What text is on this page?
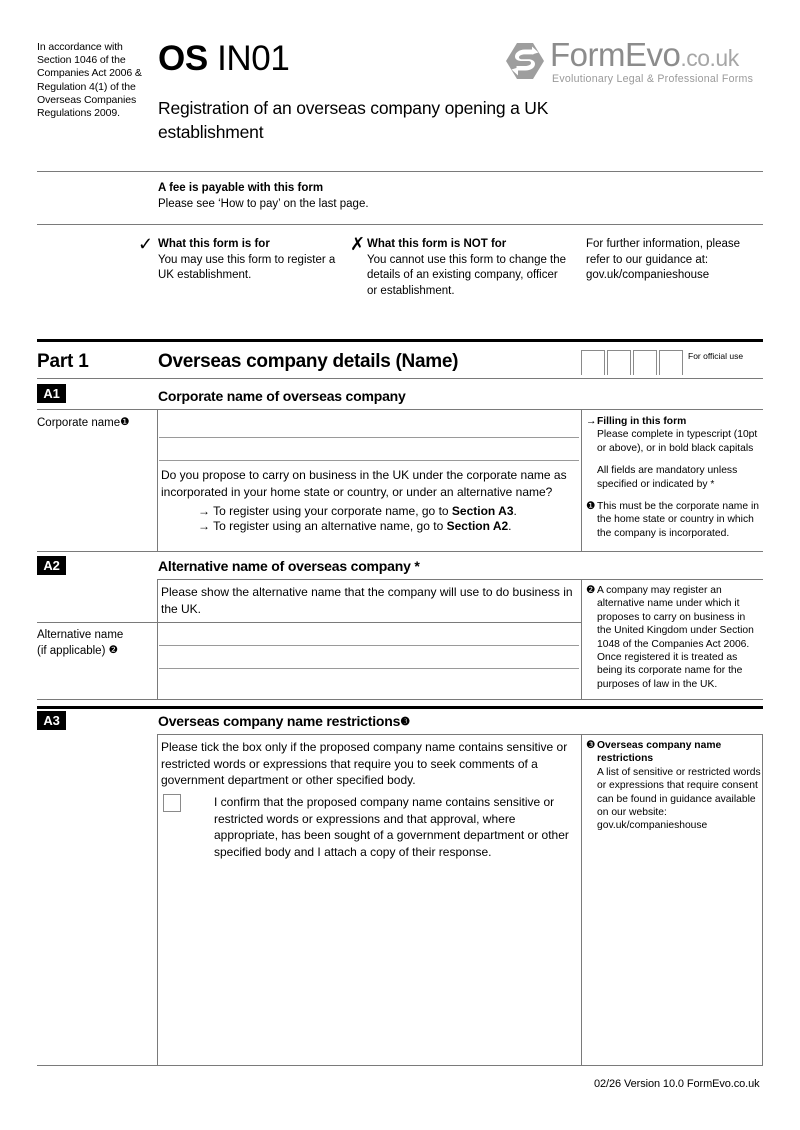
In accordance with Section 1046 of the Companies Act 2006 & Regulation 4(1) of the Overseas Companies Regulations 2009.
OS IN01
Registration of an overseas company opening a UK establishment
FormEvo.co.uk
Evolutionary Legal & Professional Forms
A fee is payable with this form
Please see ‘How to pay’ on the last page.
✓ What this form is for
You may use this form to register a UK establishment.
✗ What this form is NOT for
You cannot use this form to change the details of an existing company, officer or establishment.
For further information, please refer to our guidance at: gov.uk/companieshouse
Part 1	Overseas company details (Name)	For official use
A1	Corporate name of overseas company
Corporate name❶
Do you propose to carry on business in the UK under the corporate name as incorporated in your home state or country, or under an alternative name?
→ To register using your corporate name, go to Section A3.
→ To register using an alternative name, go to Section A2.

→ Filling in this form
Please complete in typescript (10pt or above), or in bold black capitals

All fields are mandatory unless specified or indicated by *

❶ This must be the corporate name in the home state or country in which the company is incorporated.

A2	Alternative name of overseas company *
Please show the alternative name that the company will use to do business in the UK.
Alternative name
(if applicable) ❷

❷ A company may register an alternative name under which it proposes to carry on business in the United Kingdom under Section 1048 of the Companies Act 2006. Once registered it is treated as being its corporate name for the purposes of law in the UK.

A3	Overseas company name restrictions❸
Please tick the box only if the proposed company name contains sensitive or restricted words or expressions that require you to seek comments of a government department or other specified body.
I confirm that the proposed company name contains sensitive or restricted words or expressions and that approval, where appropriate, has been sought of a government department or other specified body and I attach a copy of their response.

❸ Overseas company name
restrictions
A list of sensitive or restricted words or expressions that require consent can be found in guidance available on our website: gov.uk/companieshouse

02/26 Version 10.0 FormEvo.co.uk
